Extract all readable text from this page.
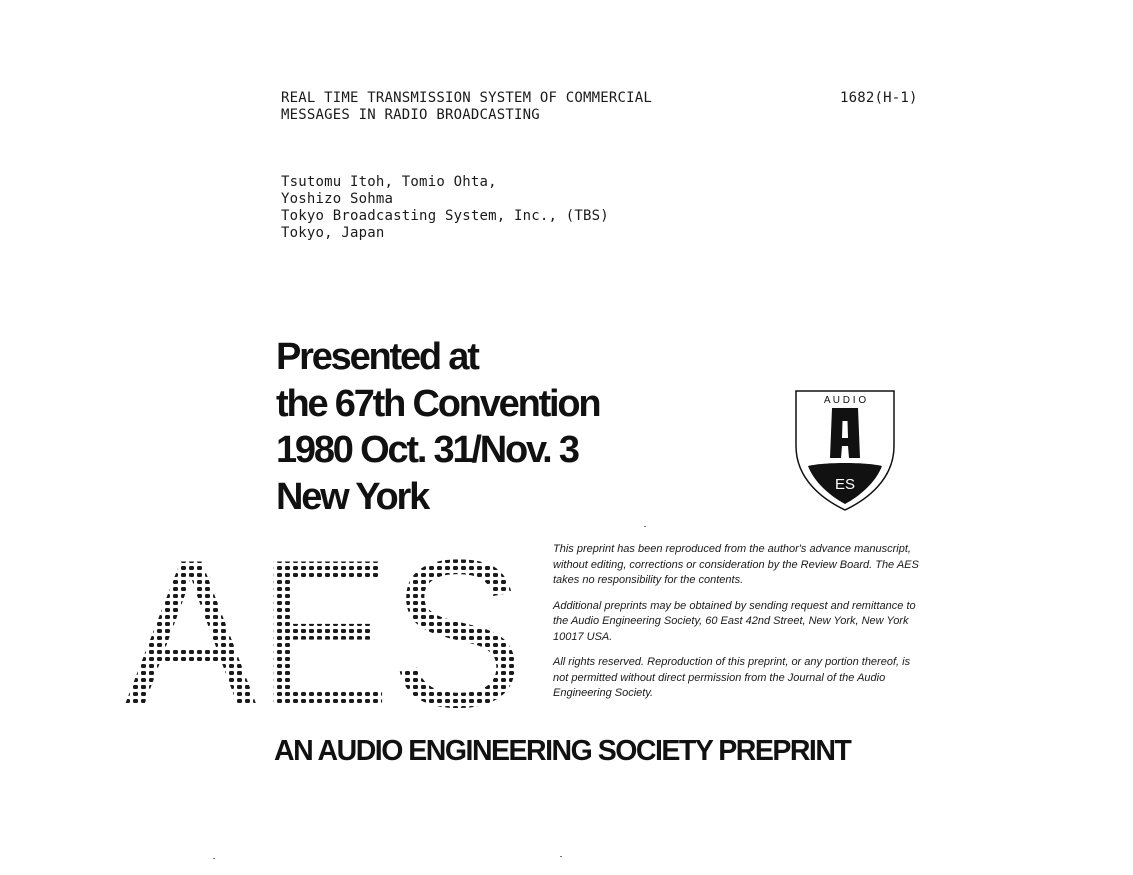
REAL TIME TRANSMISSION SYSTEM OF COMMERCIAL
MESSAGES IN RADIO BROADCASTING
1682(H-1)
Tsutomu Itoh, Tomio Ohta,
Yoshizo Sohma
Tokyo Broadcasting System, Inc., (TBS)
Tokyo, Japan
Presented at
the 67th Convention
1980 Oct. 31/Nov. 3
New York
A U D I O
ES
AES	This preprint has been reproduced from the author's advance manuscript, without editing, corrections or consideration by the Review Board. The AES takes no responsibility for the contents.

Additional preprints may be obtained by sending request and remittance to the Audio Engineering Society, 60 East 42nd Street, New York, New York 10017 USA.

All rights reserved. Reproduction of this preprint, or any portion thereof, is not permitted without direct permission from the Journal of the Audio Engineering Society.

AN AUDIO ENGINEERING SOCIETY PREPRINT
